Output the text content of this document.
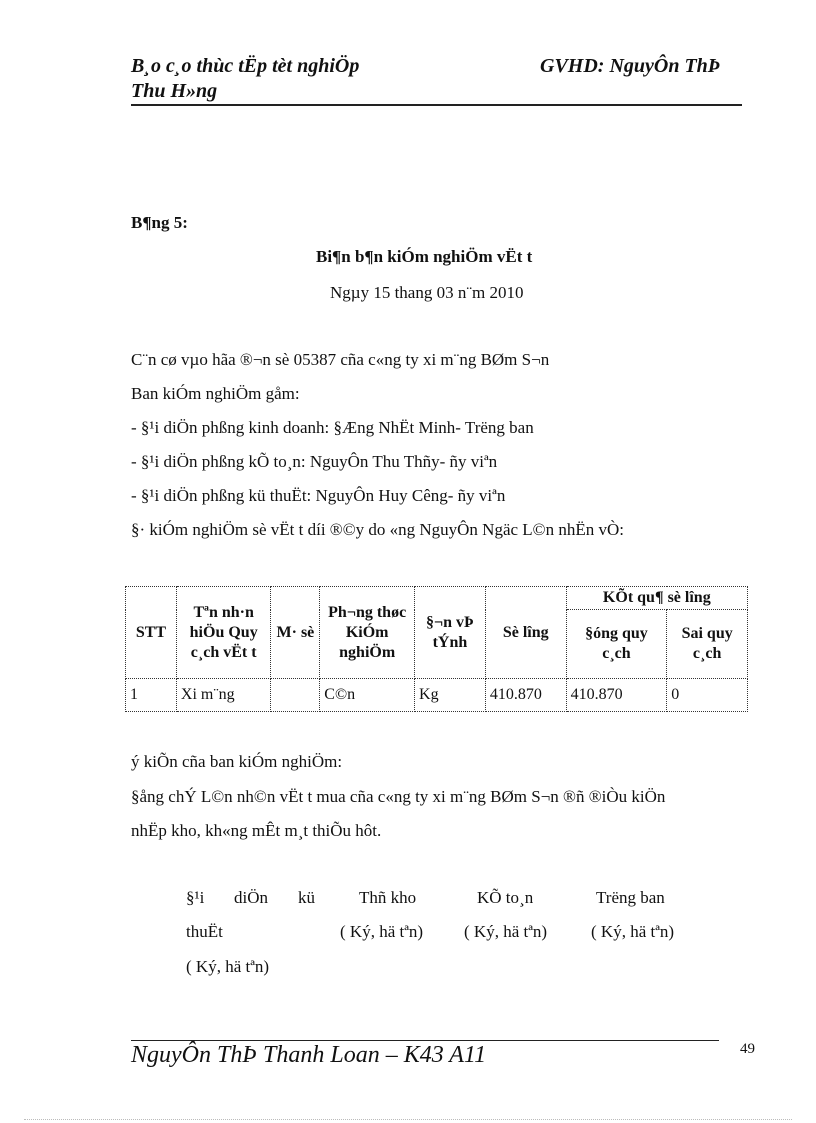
B¸o c¸o thùc tËp tèt nghiÖp	GVHD: NguyÔn ThÞ
Thu H»ng
B¶ng 5:
Bi¶n b¶n kiÓm nghiÖm vËt t
Ngµy 15 thang 03 n¨m 2010
C¨n cø vµo hãa ®¬n sè 05387 cña c«ng ty xi m¨ng BØm S¬n
Ban kiÓm nghiÖm gåm:
- §¹i diÖn phßng kinh doanh: §Æng NhËt Minh- Trëng ban
- §¹i diÖn phßng kÕ to¸n: NguyÔn Thu Thñy- ñy viªn
- §¹i diÖn phßng kü thuËt: NguyÔn Huy Cêng- ñy viªn
§· kiÓm nghiÖm sè vËt t díi ®©y do «ng NguyÔn Ngäc L©n nhËn vÒ:
STT	Tªn nh·n hiÖu Quy c¸ch vËt t	M· sè	Ph¬ng thøc KiÓm nghiÖm	§¬n vÞ tÝnh	Sè lîng	KÕt qu¶ sè lîng	
						§óng quy c¸ch	Sai quy c¸ch
1	Xi m¨ng		C©n	Kg	410.870	410.870	0
ý kiÕn cña ban kiÓm nghiÖm:
§ång chÝ L©n nh©n vËt t mua cña c«ng ty xi m¨ng BØm S¬n ®ñ ®iÒu kiÖn
nhËp kho, kh«ng mÊt m¸t thiÕu hôt.
§¹i diÖn kü	Thñ kho	KÕ to¸n	Trëng ban
thuËt	( Ký, hä tªn) ( Ký, hä tªn)	( Ký, hä tªn)
( Ký, hä tªn)
NguyÔn ThÞ Thanh Loan – K43 A11	49
